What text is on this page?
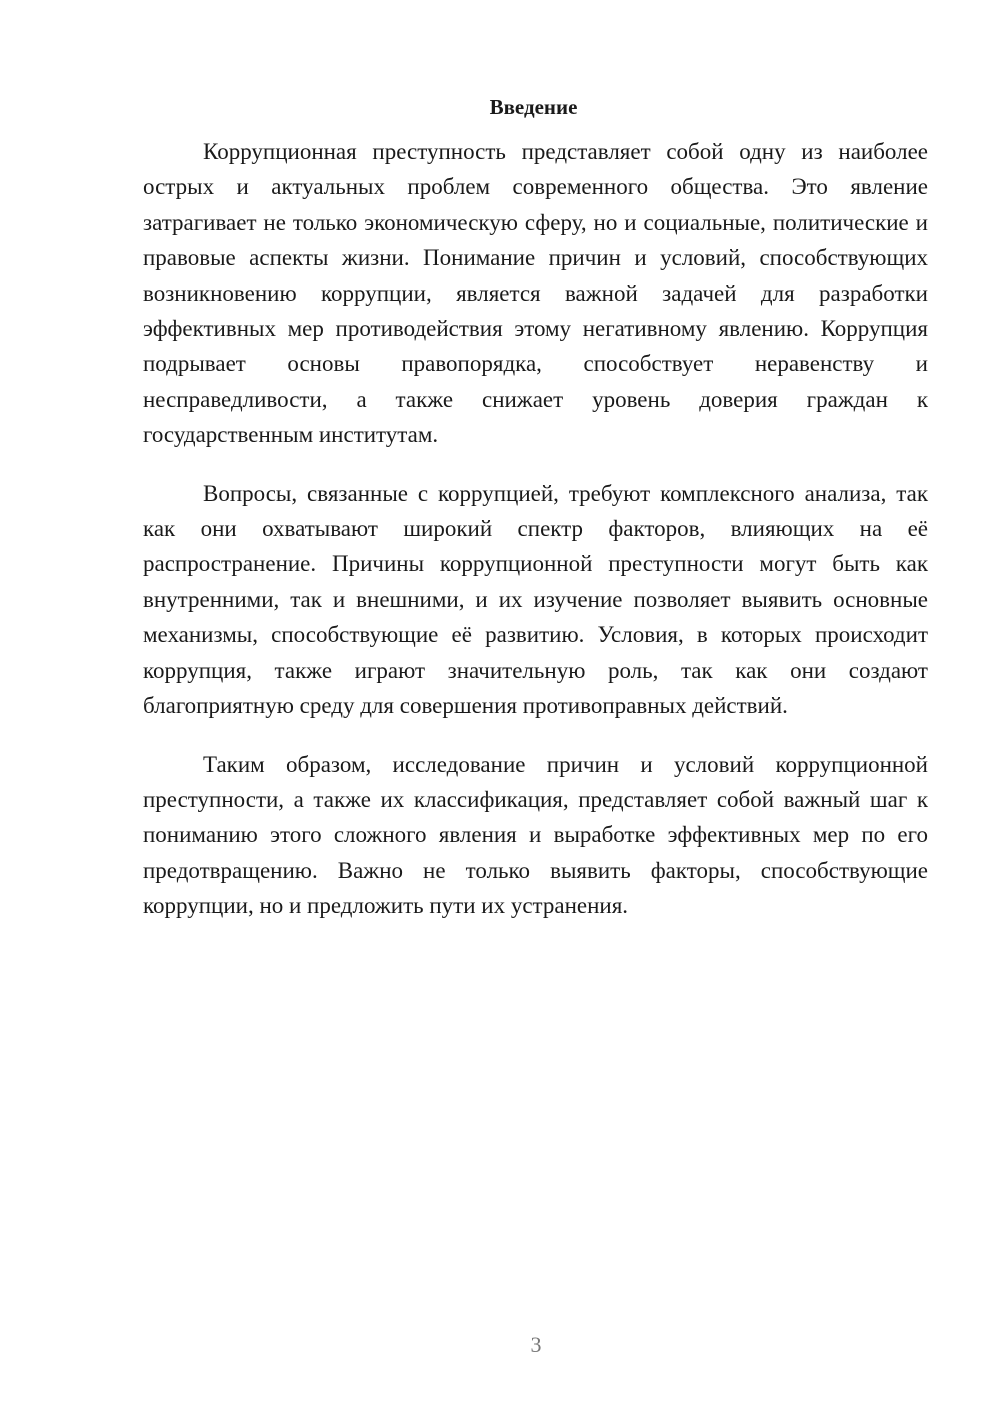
Введение

Коррупционная преступность представляет собой одну из наиболее острых и актуальных проблем современного общества. Это явление затрагивает не только экономическую сферу, но и социальные, политические и правовые аспекты жизни. Понимание причин и условий, способствующих возникновению коррупции, является важной задачей для разработки эффективных мер противодействия этому негативному явлению. Коррупция подрывает основы правопорядка, способствует неравенству и несправедливости, а также снижает уровень доверия граждан к государственным институтам.

Вопросы, связанные с коррупцией, требуют комплексного анализа, так как они охватывают широкий спектр факторов, влияющих на её распространение. Причины коррупционной преступности могут быть как внутренними, так и внешними, и их изучение позволяет выявить основные механизмы, способствующие её развитию. Условия, в которых происходит коррупция, также играют значительную роль, так как они создают благоприятную среду для совершения противоправных действий.

Таким образом, исследование причин и условий коррупционной преступности, а также их классификация, представляет собой важный шаг к пониманию этого сложного явления и выработке эффективных мер по его предотвращению. Важно не только выявить факторы, способствующие коррупции, но и предложить пути их устранения.

3
